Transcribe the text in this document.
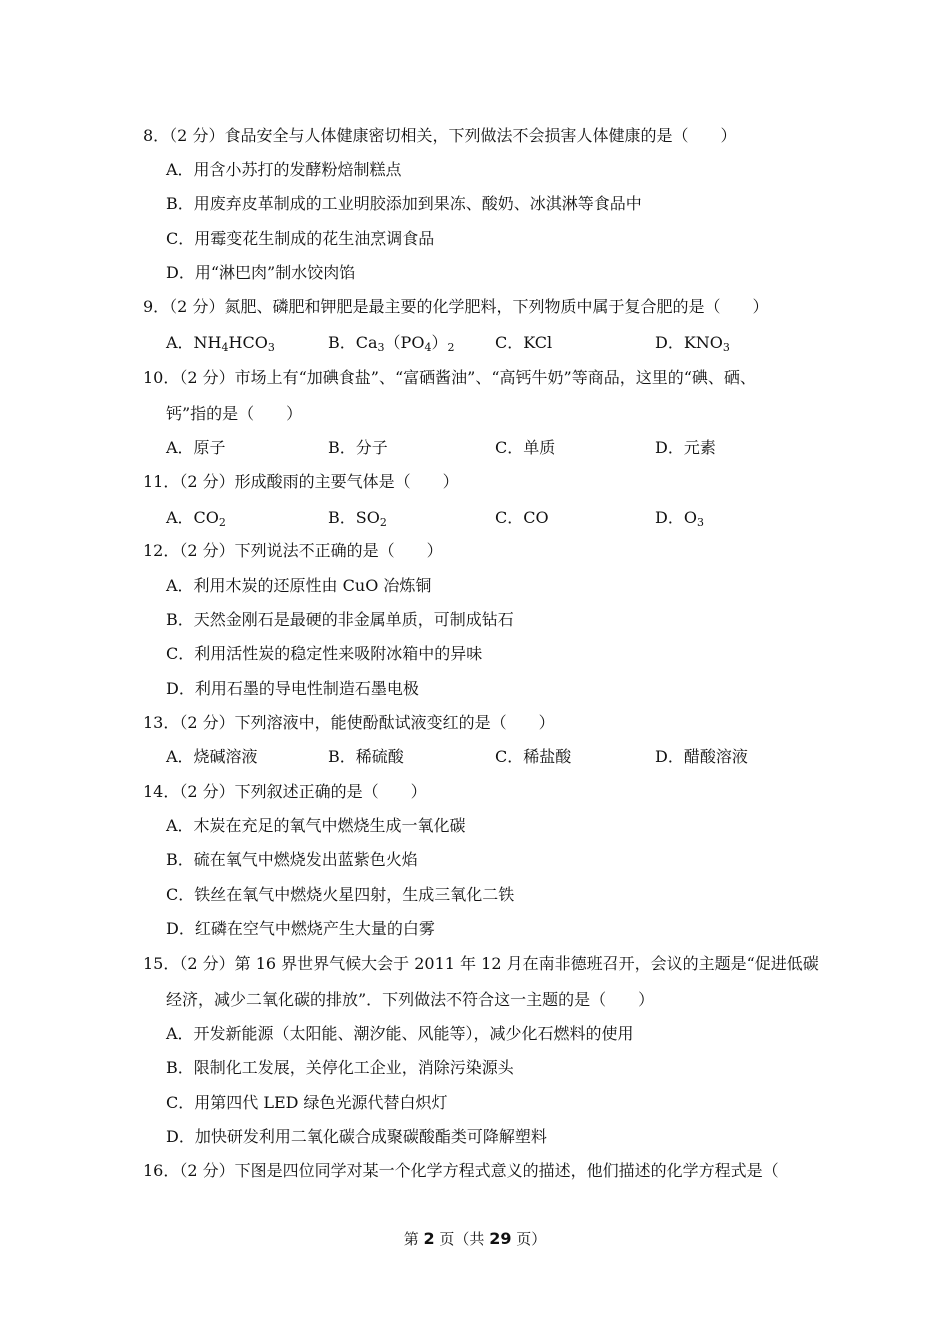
8．（2 分）食品安全与人体健康密切相关，下列做法不会损害人体健康的是（　　）
A．用含小苏打的发酵粉焙制糕点
B．用废弃皮革制成的工业明胶添加到果冻、酸奶、冰淇淋等食品中
C．用霉变花生制成的花生油烹调食品
D．用“淋巴肉”制水饺肉馅
9．（2 分）氮肥、磷肥和钾肥是最主要的化学肥料，下列物质中属于复合肥的是（　　）
A．$NH_4HCO_3$	B．$Ca_3(PO_4)_2$	C．KCl	D．$KNO_3$
10．（2 分）市场上有“加碘食盐”、“富硒酱油”、“高钙牛奶”等商品，这里的“碘、硒、
钙”指的是（　　）
A．原子	B．分子	C．单质	D．元素
11．（2 分）形成酸雨的主要气体是（　　）
A．$CO_2$	B．$SO_2$	C．CO	D．$O_3$
12．（2 分）下列说法不正确的是（　　）
A．利用木炭的还原性由 CuO 冶炼铜
B．天然金刚石是最硬的非金属单质，可制成钻石
C．利用活性炭的稳定性来吸附冰箱中的异味
D．利用石墨的导电性制造石墨电极
13．（2 分）下列溶液中，能使酚酞试液变红的是（　　）
A．烧碱溶液	B．稀硫酸	C．稀盐酸	D．醋酸溶液
14．（2 分）下列叙述正确的是（　　）
A．木炭在充足的氧气中燃烧生成一氧化碳
B．硫在氧气中燃烧发出蓝紫色火焰
C．铁丝在氧气中燃烧火星四射，生成三氧化二铁
D．红磷在空气中燃烧产生大量的白雾
15．（2 分）第 16 界世界气候大会于 2011 年 12 月在南非德班召开，会议的主题是“促进低碳
经济，减少二氧化碳的排放”．下列做法不符合这一主题的是（　　）
A．开发新能源（太阳能、潮汐能、风能等），减少化石燃料的使用
B．限制化工发展，关停化工企业，消除污染源头
C．用第四代 LED 绿色光源代替白炽灯
D．加快研发利用二氧化碳合成聚碳酸酯类可降解塑料
16．（2 分）下图是四位同学对某一个化学方程式意义的描述，他们描述的化学方程式是（
第 2 页（共 29 页）
